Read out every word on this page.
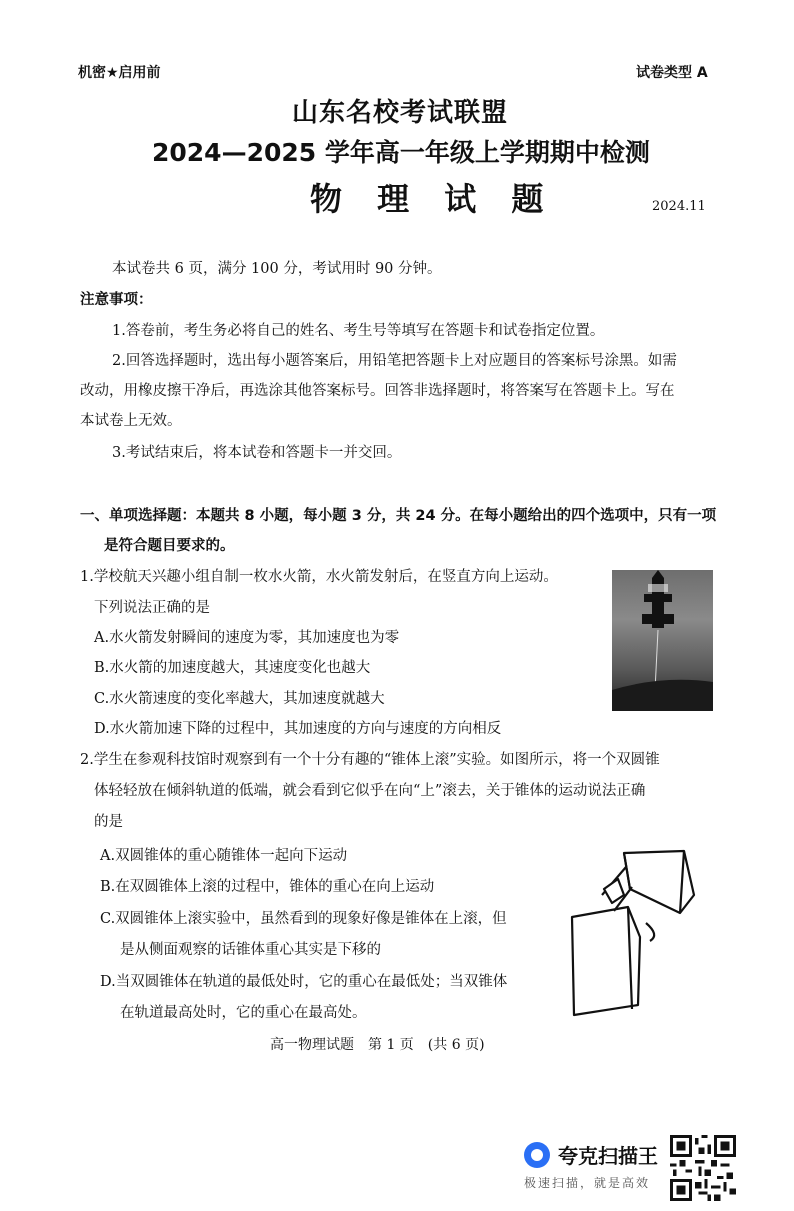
机密★启用前	试卷类型 A
山东名校考试联盟
2024—2025 学年高一年级上学期期中检测
物 理 试 题	2024.11
本试卷共 6 页，满分 100 分，考试用时 90 分钟。
注意事项：
1.答卷前，考生务必将自己的姓名、考生号等填写在答题卡和试卷指定位置。
2.回答选择题时，选出每小题答案后，用铅笔把答题卡上对应题目的答案标号涂黑。如需
改动，用橡皮擦干净后，再选涂其他答案标号。回答非选择题时，将答案写在答题卡上。写在
本试卷上无效。
3.考试结束后，将本试卷和答题卡一并交回。
一、单项选择题：本题共 8 小题，每小题 3 分，共 24 分。在每小题给出的四个选项中，只有一项
是符合题目要求的。
1.学校航天兴趣小组自制一枚水火箭，水火箭发射后，在竖直方向上运动。
下列说法正确的是
A.水火箭发射瞬间的速度为零，其加速度也为零
B.水火箭的加速度越大，其速度变化也越大
C.水火箭速度的变化率越大，其加速度就越大
D.水火箭加速下降的过程中，其加速度的方向与速度的方向相反
2.学生在参观科技馆时观察到有一个十分有趣的“锥体上滚”实验。如图所示，将一个双圆锥
体轻轻放在倾斜轨道的低端，就会看到它似乎在向“上”滚去，关于锥体的运动说法正确
的是
A.双圆锥体的重心随锥体一起向下运动
B.在双圆锥体上滚的过程中，锥体的重心在向上运动
C.双圆锥体上滚实验中，虽然看到的现象好像是锥体在上滚，但
是从侧面观察的话锥体重心其实是下移的
D.当双圆锥体在轨道的最低处时，它的重心在最低处；当双锥体
在轨道最高处时，它的重心在最高处。
高一物理试题　第 1 页　(共 6 页)
夸克扫描王
极速扫描，就是高效
